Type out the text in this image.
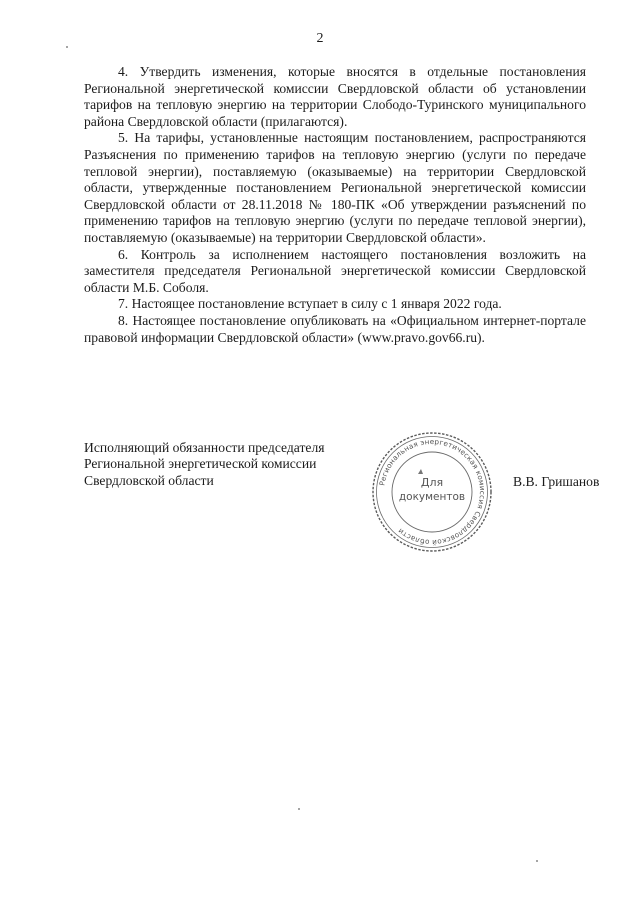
2

4. Утвердить изменения, которые вносятся в отдельные постановления Региональной энергетической комиссии Свердловской области об установлении тарифов на тепловую энергию на территории Слободо-Туринского муниципального района Свердловской области (прилагаются).

5. На тарифы, установленные настоящим постановлением, распространяются Разъяснения по применению тарифов на тепловую энергию (услуги по передаче тепловой энергии), поставляемую (оказываемые) на территории Свердловской области, утвержденные постановлением Региональной энергетической комиссии Свердловской области от 28.11.2018 № 180-ПК «Об утверждении разъяснений по применению тарифов на тепловую энергию (услуги по передаче тепловой энергии), поставляемую (оказываемые) на территории Свердловской области».

6. Контроль за исполнением настоящего постановления возложить на заместителя председателя Региональной энергетической комиссии Свердловской области М.Б. Соболя.

7. Настоящее постановление вступает в силу с 1 января 2022 года.

8. Настоящее постановление опубликовать на «Официальном интернет-портале правовой информации Свердловской области» (www.pravo.gov66.ru).

Исполняющий обязанности председателя
Региональной энергетической комиссии
Свердловской области	Региональная энергетическая комиссия Свердловской области
Для
документов
В.В. Гришанов
